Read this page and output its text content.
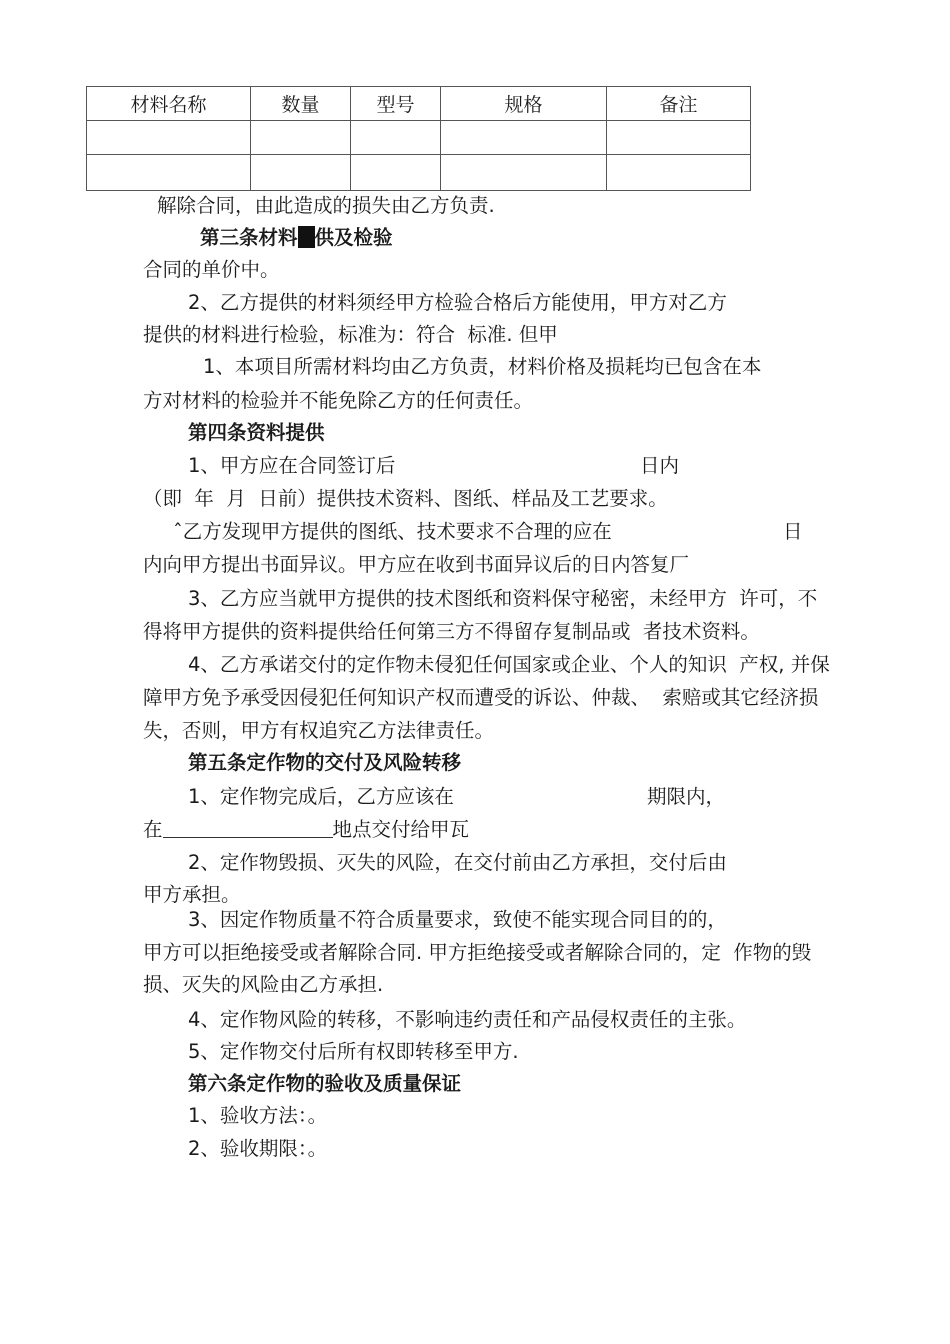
材料名称	数量	型号	规格	备注

解除合同，由此造成的损失由乙方负责.
第三条材料 供及检验
合同的单价中。
2、乙方提供的材料须经甲方检验合格后方能使用，甲方对乙方
提供的材料进行检验，标准为：符合  标准. 但甲
1、本项目所需材料均由乙方负责，材料价格及损耗均已包含在本
方对材料的检验并不能免除乙方的任何责任。
第四条资料提供
1、甲方应在合同签订后	日内
（即  年  月  日前）提供技术资料、图纸、样品及工艺要求。
ˆ乙方发现甲方提供的图纸、技术要求不合理的应在	日
内向甲方提出书面异议。甲方应在收到书面异议后的日内答复厂
3、乙方应当就甲方提供的技术图纸和资料保守秘密，未经甲方  许可，不
得将甲方提供的资料提供给任何第三方不得留存复制品或  者技术资料。
4、乙方承诺交付的定作物未侵犯任何国家或企业、个人的知识  产权, 并保
障甲方免予承受因侵犯任何知识产权而遭受的诉讼、仲裁、  索赔或其它经济损
失，否则，甲方有权追究乙方法律责任。
第五条定作物的交付及风险转移
1、定作物完成后，乙方应该在	期限内，
在	地点交付给甲瓦
2、定作物毁损、灭失的风险，在交付前由乙方承担，交付后由
甲方承担。
3、因定作物质量不符合质量要求，致使不能实现合同目的的，
甲方可以拒绝接受或者解除合同. 甲方拒绝接受或者解除合同的，定  作物的毁
损、灭失的风险由乙方承担.
4、定作物风险的转移，不影响违约责任和产品侵权责任的主张。
5、定作物交付后所有权即转移至甲方.
第六条定作物的验收及质量保证
1、验收方法：。
2、验收期限：。
